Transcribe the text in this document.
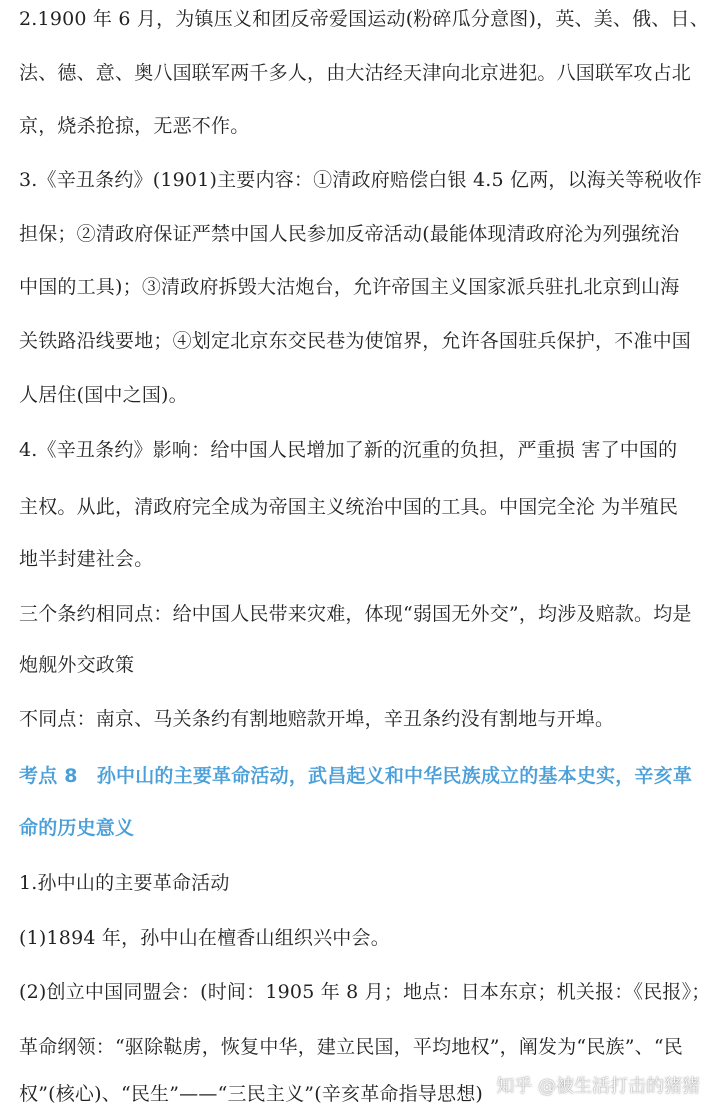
2.1900 年 6 月，为镇压义和团反帝爱国运动(粉碎瓜分意图)，英、美、俄、日、
法、德、意、奥八国联军两千多人，由大沽经天津向北京进犯。八国联军攻占北
京，烧杀抢掠，无恶不作。
3.《辛丑条约》(1901)主要内容：①清政府赔偿白银 4.5 亿两，以海关等税收作
担保；②清政府保证严禁中国人民参加反帝活动(最能体现清政府沦为列强统治
中国的工具)；③清政府拆毁大沽炮台，允许帝国主义国家派兵驻扎北京到山海
关铁路沿线要地；④划定北京东交民巷为使馆界，允许各国驻兵保护，不准中国
人居住(国中之国)。
4.《辛丑条约》影响：给中国人民增加了新的沉重的负担，严重损 害了中国的
主权。从此，清政府完全成为帝国主义统治中国的工具。中国完全沦 为半殖民
地半封建社会。
三个条约相同点：给中国人民带来灾难，体现“弱国无外交”，均涉及赔款。均是
炮舰外交政策
不同点：南京、马关条约有割地赔款开埠，辛丑条约没有割地与开埠。
考点 8　孙中山的主要革命活动，武昌起义和中华民族成立的基本史实，辛亥革
命的历史意义
1.孙中山的主要革命活动
(1)1894 年，孙中山在檀香山组织兴中会。
(2)创立中国同盟会：(时间：1905 年 8 月；地点：日本东京；机关报：《民报》；
革命纲领：“驱除鞑虏，恢复中华，建立民国，平均地权”，阐发为“民族”、“民
权”(核心)、“民生”——“三民主义”(辛亥革命指导思想) 知乎 @被生活打击的猪猪
